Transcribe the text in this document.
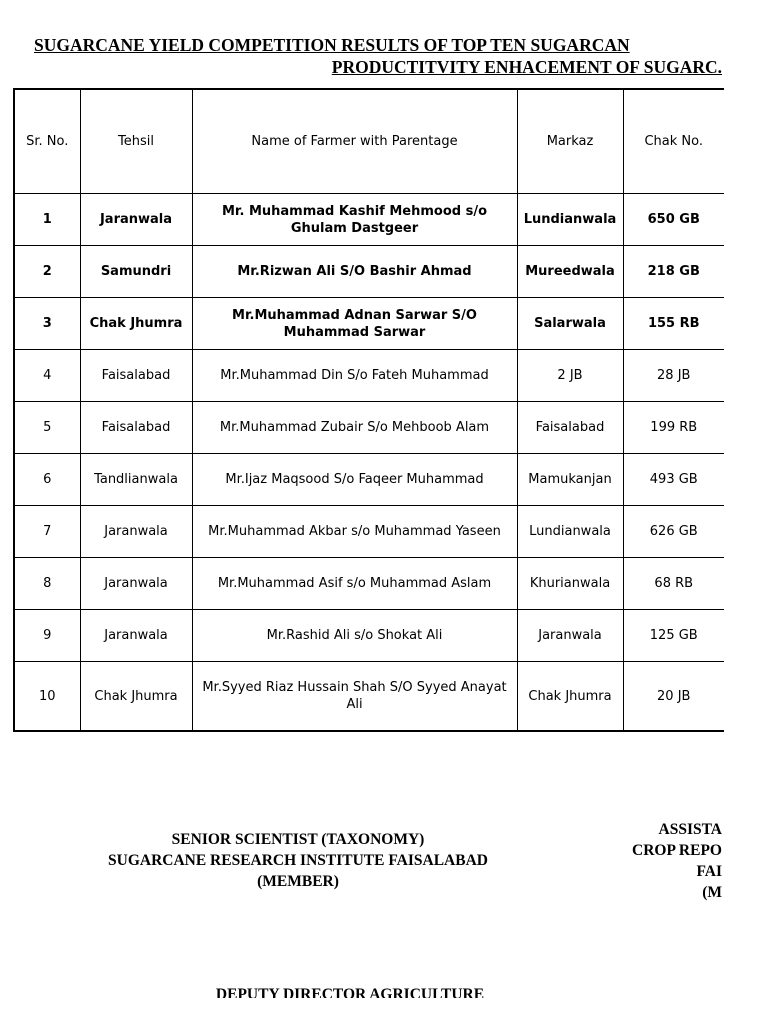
SUGARCANE YIELD COMPETITION RESULTS OF TOP TEN SUGARCAN
PRODUCTITVITY ENHACEMENT OF SUGARC.
Sr. No.	Tehsil	Name of Farmer with Parentage	Markaz	Chak No.
1	Jaranwala	Mr. Muhammad Kashif Mehmood s/o Ghulam Dastgeer	Lundianwala	650 GB
2	Samundri	Mr.Rizwan Ali S/O Bashir Ahmad	Mureedwala	218 GB
3	Chak Jhumra	Mr.Muhammad Adnan Sarwar S/O Muhammad Sarwar	Salarwala	155 RB
4	Faisalabad	Mr.Muhammad Din S/o Fateh Muhammad	2 JB	28 JB
5	Faisalabad	Mr.Muhammad Zubair S/o Mehboob Alam	Faisalabad	199 RB
6	Tandlianwala	Mr.Ijaz Maqsood S/o Faqeer Muhammad	Mamukanjan	493 GB
7	Jaranwala	Mr.Muhammad Akbar s/o Muhammad Yaseen	Lundianwala	626 GB
8	Jaranwala	Mr.Muhammad Asif s/o Muhammad Aslam	Khurianwala	68 RB
9	Jaranwala	Mr.Rashid Ali s/o Shokat Ali	Jaranwala	125 GB
10	Chak Jhumra	Mr.Syyed Riaz Hussain Shah S/O Syyed Anayat Ali	Chak Jhumra	20 JB
SENIOR SCIENTIST (TAXONOMY)
SUGARCANE RESEARCH INSTITUTE FAISALABAD
(MEMBER)
ASSISTA
CROP REPO
FAI
(M
DEPUTY DIRECTOR AGRICULTURE
